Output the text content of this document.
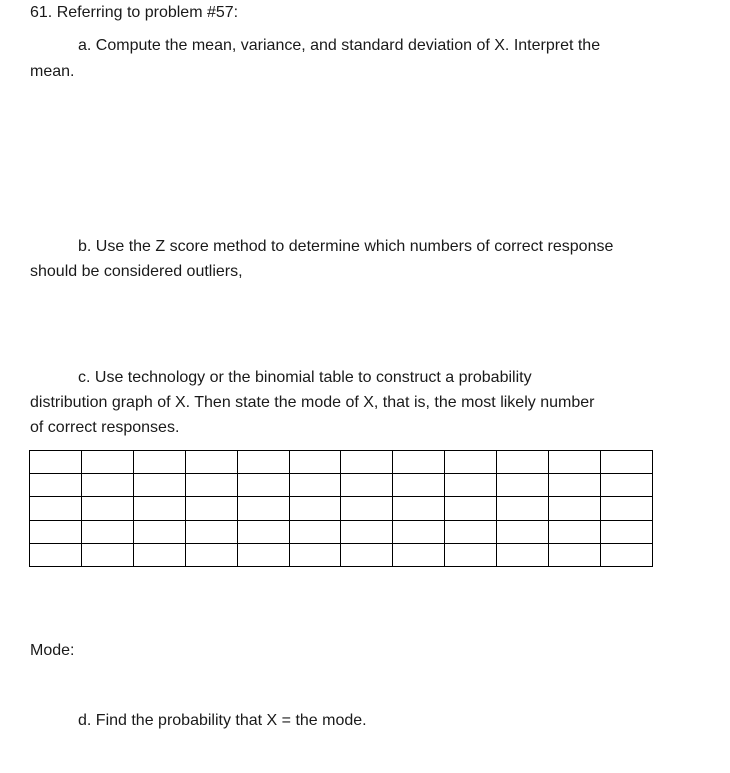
61. Referring to problem #57:
a. Compute the mean, variance, and standard deviation of X. Interpret the
mean.
b. Use the Z score method to determine which numbers of correct response
should be considered outliers,
c. Use technology or the binomial table to construct a probability
distribution graph of X. Then state the mode of X, that is, the most likely number
of correct responses.

Mode:
d. Find the probability that X = the mode.
